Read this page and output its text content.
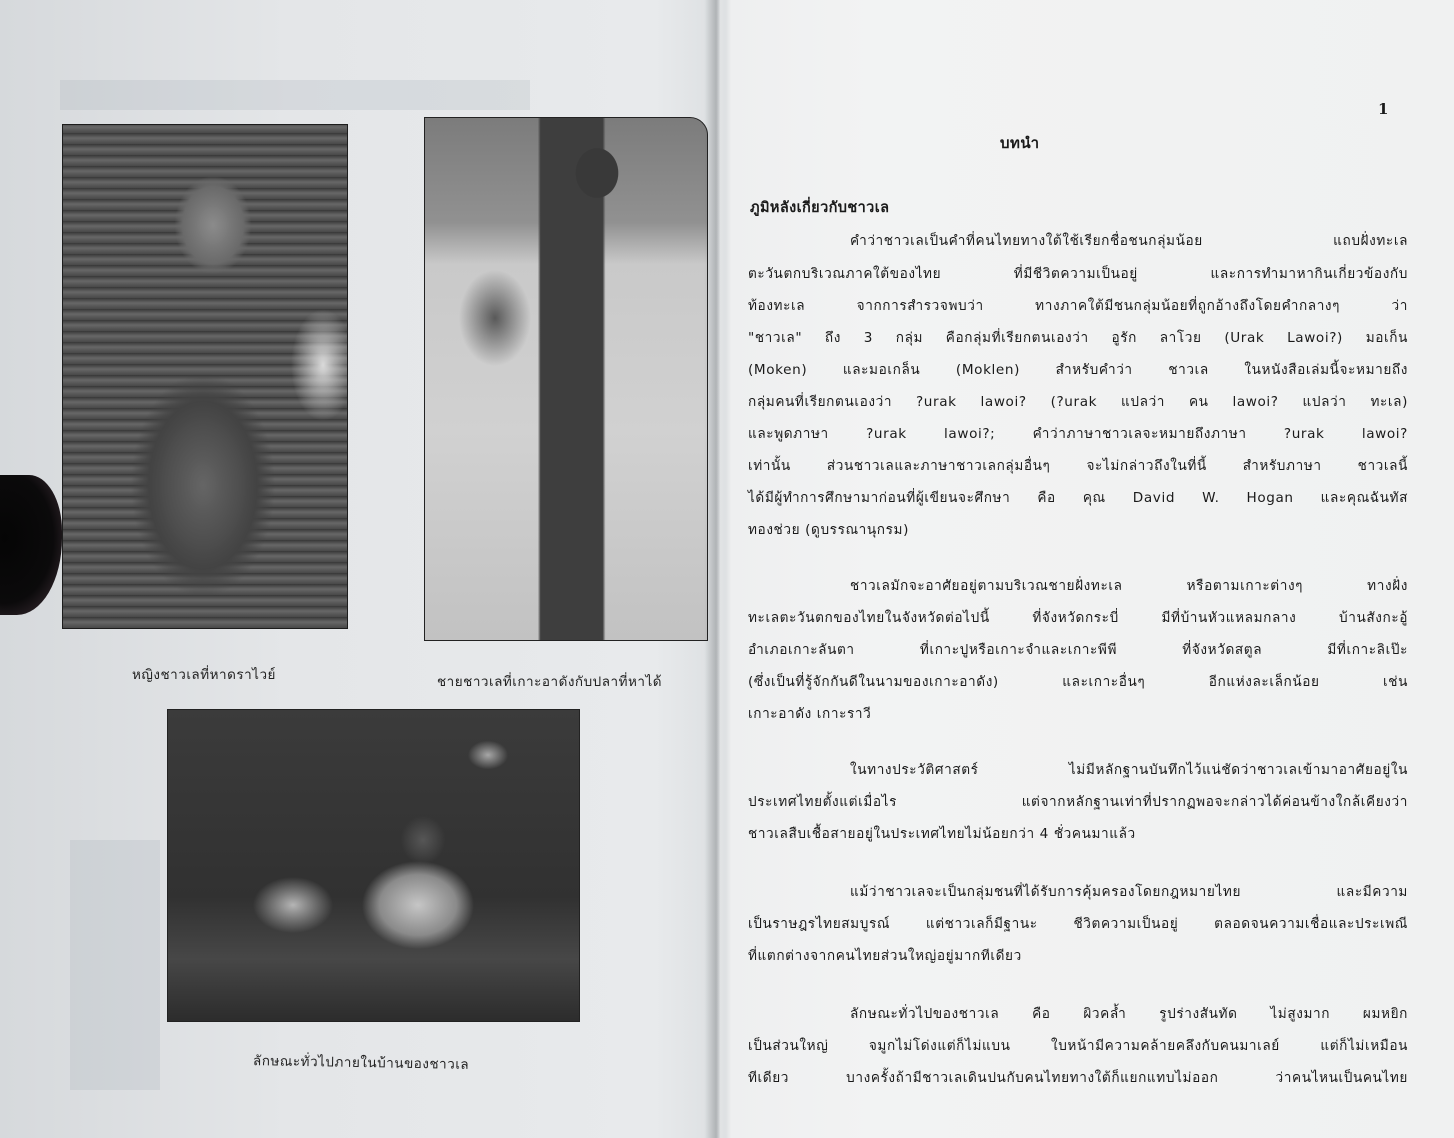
หญิงชาวเลที่หาดราไวย์	ชายชาวเลที่เกาะอาดังกับปลาที่หาได้
ลักษณะทั่วไปภายในบ้านของชาวเล
1
บทนำ
ภูมิหลังเกี่ยวกับชาวเล
คำว่าชาวเลเป็นคำที่คนไทยทางใต้ใช้เรียกชื่อชนกลุ่มน้อย แถบฝั่งทะเล
ตะวันตกบริเวณภาคใต้ของไทย ที่มีชีวิตความเป็นอยู่ และการทำมาหากินเกี่ยวข้องกับ
ท้องทะเล จากการสำรวจพบว่า ทางภาคใต้มีชนกลุ่มน้อยที่ถูกอ้างถึงโดยคำกลางๆ ว่า
"ชาวเล" ถึง 3 กลุ่ม คือกลุ่มที่เรียกตนเองว่า อูรัก ลาโวย (Urak Lawoi?) มอเก็น
(Moken) และมอเกล็น (Moklen) สำหรับคำว่า ชาวเล ในหนังสือเล่มนี้จะหมายถึง
กลุ่มคนที่เรียกตนเองว่า ?urak lawoi? (?urak แปลว่า คน lawoi? แปลว่า ทะเล)
และพูดภาษา ?urak lawoi?; คำว่าภาษาชาวเลจะหมายถึงภาษา ?urak lawoi?
เท่านั้น ส่วนชาวเลและภาษาชาวเลกลุ่มอื่นๆ จะไม่กล่าวถึงในที่นี้ สำหรับภาษา ชาวเลนี้
ได้มีผู้ทำการศึกษามาก่อนที่ผู้เขียนจะศึกษา คือ คุณ David W. Hogan และคุณฉันทัส
ทองช่วย (ดูบรรณานุกรม)
ชาวเลมักจะอาศัยอยู่ตามบริเวณชายฝั่งทะเล หรือตามเกาะต่างๆ ทางฝั่ง
ทะเลตะวันตกของไทยในจังหวัดต่อไปนี้ ที่จังหวัดกระบี่ มีที่บ้านหัวแหลมกลาง บ้านสังกะอู้
อำเภอเกาะลันตา ที่เกาะปูหรือเกาะจำและเกาะพีพี ที่จังหวัดสตูล มีที่เกาะลิเป๊ะ
(ซึ่งเป็นที่รู้จักกันดีในนามของเกาะอาดัง) และเกาะอื่นๆ อีกแห่งละเล็กน้อย เช่น
เกาะอาดัง เกาะราวี
ในทางประวัติศาสตร์ ไม่มีหลักฐานบันทึกไว้แน่ชัดว่าชาวเลเข้ามาอาศัยอยู่ใน
ประเทศไทยตั้งแต่เมื่อไร แต่จากหลักฐานเท่าที่ปรากฏพอจะกล่าวได้ค่อนข้างใกล้เคียงว่า
ชาวเลสืบเชื้อสายอยู่ในประเทศไทยไม่น้อยกว่า 4 ชั่วคนมาแล้ว
แม้ว่าชาวเลจะเป็นกลุ่มชนที่ได้รับการคุ้มครองโดยกฎหมายไทย และมีความ
เป็นราษฎรไทยสมบูรณ์ แต่ชาวเลก็มีฐานะ ชีวิตความเป็นอยู่ ตลอดจนความเชื่อและประเพณี
ที่แตกต่างจากคนไทยส่วนใหญ่อยู่มากทีเดียว
ลักษณะทั่วไปของชาวเล คือ ผิวคล้ำ รูปร่างสันทัด ไม่สูงมาก ผมหยิก
เป็นส่วนใหญ่ จมูกไม่โด่งแต่ก็ไม่แบน ใบหน้ามีความคล้ายคลึงกับคนมาเลย์ แต่ก็ไม่เหมือน
ทีเดียว บางครั้งถ้ามีชาวเลเดินปนกับคนไทยทางใต้ก็แยกแทบไม่ออก ว่าคนไหนเป็นคนไทย
